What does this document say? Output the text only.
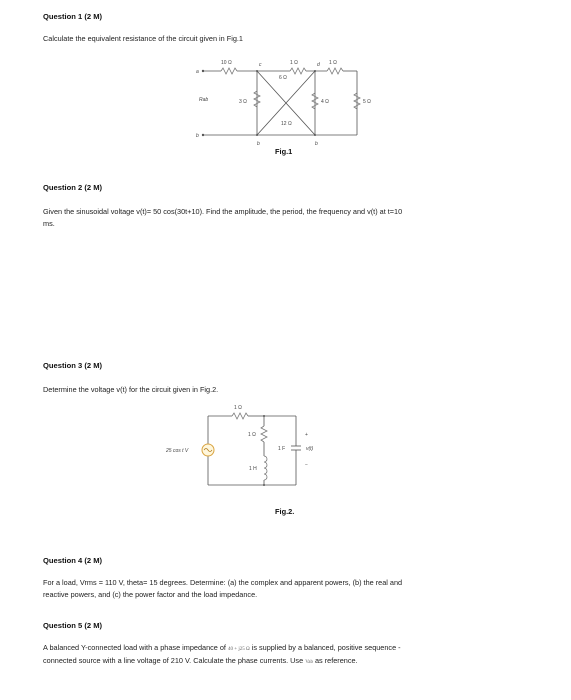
Question 1 (2 M)
Calculate the equivalent resistance of the circuit given in Fig.1
10 Ω	1 Ω	1 Ω
6 Ω
3 Ω
12 Ω
4 Ω	5 Ω
a
b
c	d
b	b
Rab
Fig.1
Question 2 (2 M)
Given the sinusoidal voltage v(t)= 50 cos(30t+10). Find the amplitude, the period, the frequency and v(t) at t=10
ms.
Question 3 (2 M)
Determine the voltage v(t) for the circuit given in Fig.2.
1 Ω
1 Ω
1 H
1 F
25 cos t V	v(t)
+
−
Fig.2.
Question 4 (2 M)
For a load, Vrms = 110 V, theta= 15 degrees. Determine: (a) the complex and apparent powers, (b) the real and
reactive powers, and (c) the power factor and the load impedance.
Question 5 (2 M)
A balanced Y-connected load with a phase impedance of 40 + j25 Ω is supplied by a balanced, positive sequence -
connected source with a line voltage of 210 V. Calculate the phase currents. Use Vab as reference.
